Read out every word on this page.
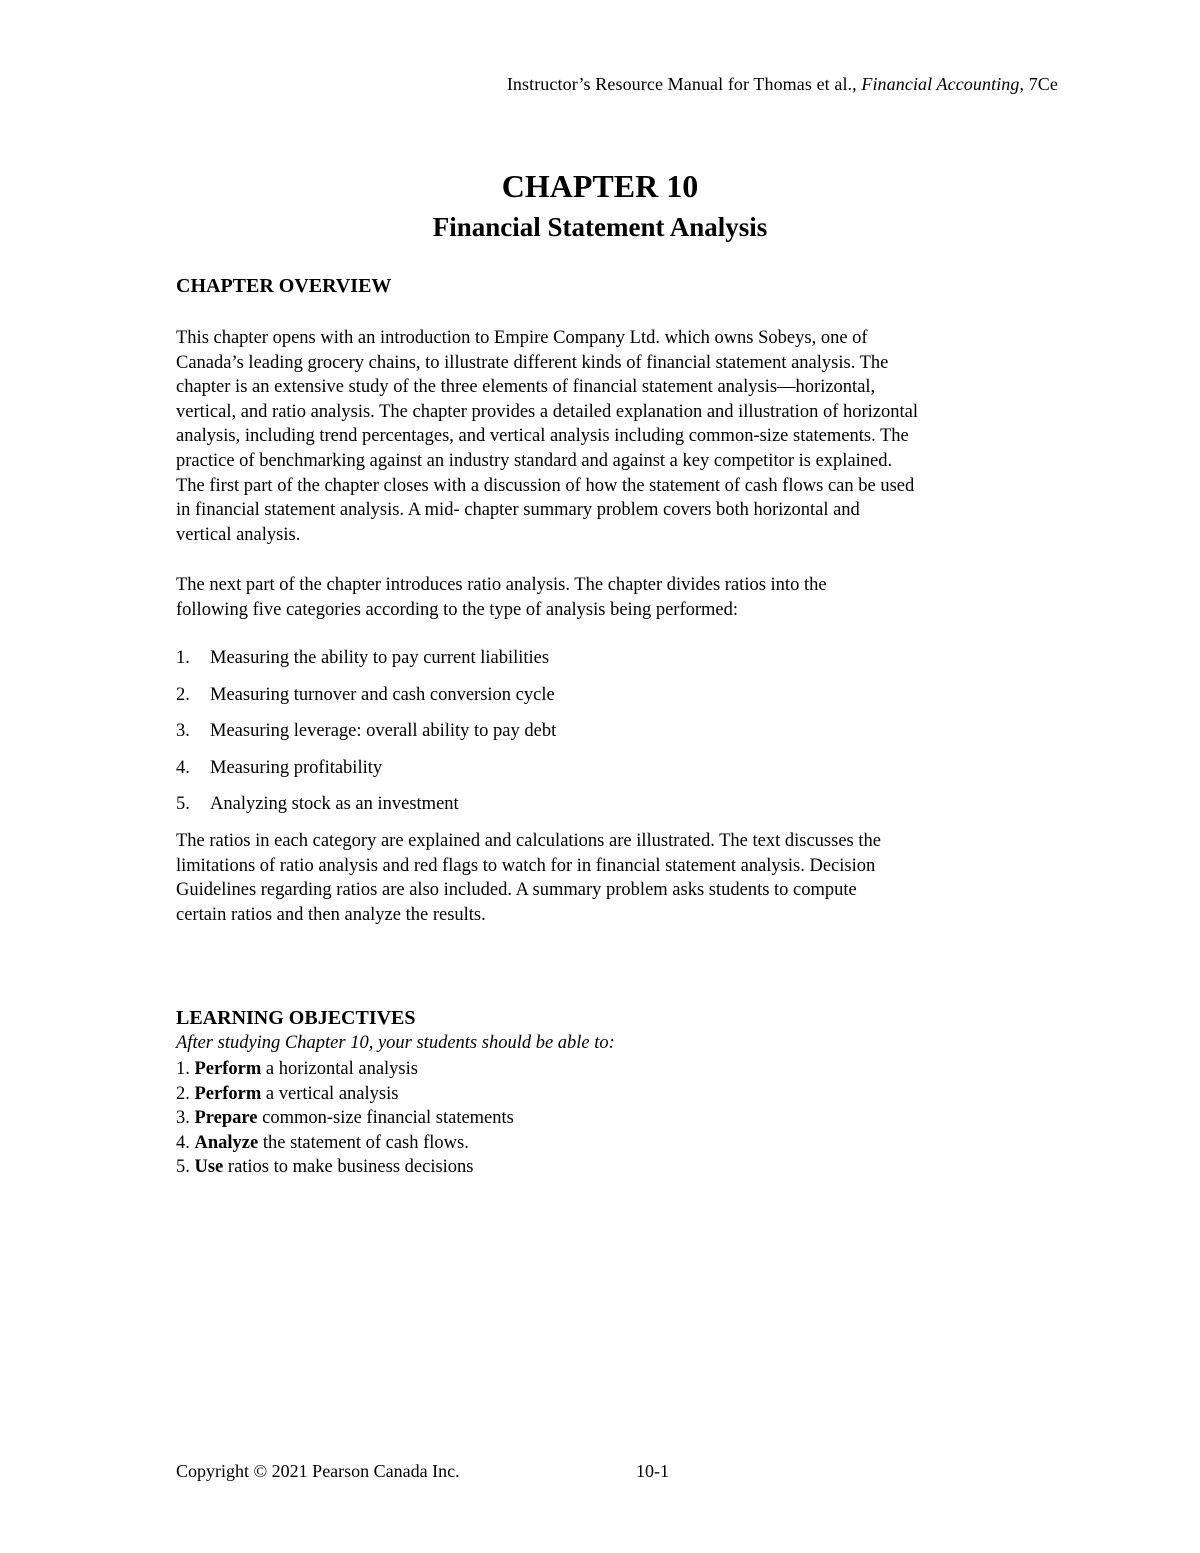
Instructor’s Resource Manual for Thomas et al., Financial Accounting, 7Ce
CHAPTER 10
Financial Statement Analysis
CHAPTER OVERVIEW
This chapter opens with an introduction to Empire Company Ltd. which owns Sobeys, one of
Canada’s leading grocery chains, to illustrate different kinds of financial statement analysis. The
chapter is an extensive study of the three elements of financial statement analysis—horizontal,
vertical, and ratio analysis. The chapter provides a detailed explanation and illustration of horizontal
analysis, including trend percentages, and vertical analysis including common-size statements. The
practice of benchmarking against an industry standard and against a key competitor is explained.
The first part of the chapter closes with a discussion of how the statement of cash flows can be used
in financial statement analysis. A mid- chapter summary problem covers both horizontal and
vertical analysis.
The next part of the chapter introduces ratio analysis. The chapter divides ratios into the
following five categories according to the type of analysis being performed:
1. Measuring the ability to pay current liabilities
2. Measuring turnover and cash conversion cycle
3. Measuring leverage: overall ability to pay debt
4. Measuring profitability
5. Analyzing stock as an investment
The ratios in each category are explained and calculations are illustrated. The text discusses the
limitations of ratio analysis and red flags to watch for in financial statement analysis. Decision
Guidelines regarding ratios are also included. A summary problem asks students to compute
certain ratios and then analyze the results.
LEARNING OBJECTIVES
After studying Chapter 10, your students should be able to:
1. Perform a horizontal analysis
2. Perform a vertical analysis
3. Prepare common-size financial statements
4. Analyze the statement of cash flows.
5. Use ratios to make business decisions
Copyright © 2021 Pearson Canada Inc.	10-1
